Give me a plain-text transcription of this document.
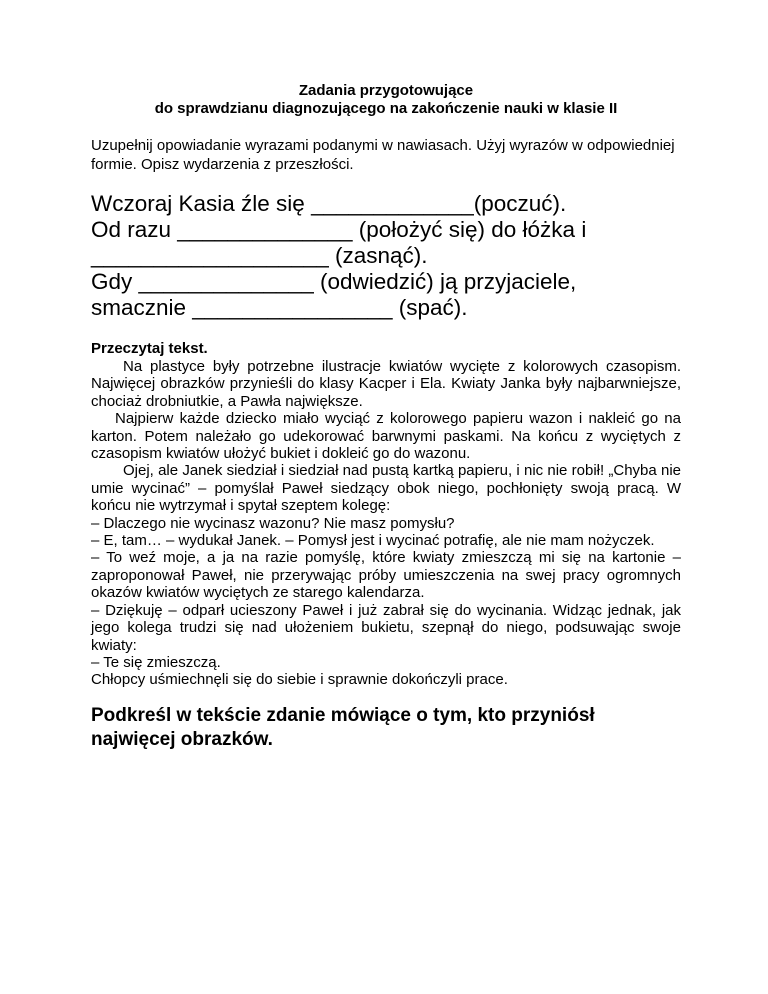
Zadania przygotowujące
do sprawdzianu diagnozującego na zakończenie nauki w klasie II
Uzupełnij opowiadanie wyrazami podanymi w nawiasach. Użyj wyrazów w odpowiedniej formie. Opisz wydarzenia z przeszłości.
Wczoraj Kasia źle się _____________(poczuć).
Od razu ______________ (położyć się) do łóżka i
___________________ (zasnąć).
Gdy ______________ (odwiedzić) ją przyjaciele,
smacznie ________________ (spać).
Przeczytaj tekst.

Na plastyce były potrzebne ilustracje kwiatów wycięte z kolorowych czasopism. Najwięcej obrazków przynieśli do klasy Kacper i Ela. Kwiaty Janka były najbarwniejsze, chociaż drobniutkie, a Pawła największe.

Najpierw każde dziecko miało wyciąć z kolorowego papieru wazon i nakleić go na karton. Potem należało go udekorować barwnymi paskami. Na końcu z wyciętych z czasopism kwiatów ułożyć bukiet i dokleić go do wazonu.

Ojej, ale Janek siedział i siedział nad pustą kartką papieru, i nic nie robił! „Chyba nie umie wycinać” – pomyślał Paweł siedzący obok niego, pochłonięty swoją pracą. W końcu nie wytrzymał i spytał szeptem kolegę:

– Dlaczego nie wycinasz wazonu? Nie masz pomysłu?

– E, tam… – wydukał Janek. – Pomysł jest i wycinać potrafię, ale nie mam nożyczek.

– To weź moje, a ja na razie pomyślę, które kwiaty zmieszczą mi się na kartonie – zaproponował Paweł, nie przerywając próby umieszczenia na swej pracy ogromnych okazów kwiatów wyciętych ze starego kalendarza.

– Dziękuję – odparł ucieszony Paweł i już zabrał się do wycinania. Widząc jednak, jak jego kolega trudzi się nad ułożeniem bukietu, szepnął do niego, podsuwając swoje kwiaty:

– Te się zmieszczą.

Chłopcy uśmiechnęli się do siebie i sprawnie dokończyli prace.

Podkreśl w tekście zdanie mówiące o tym, kto przyniósł najwięcej obrazków.
